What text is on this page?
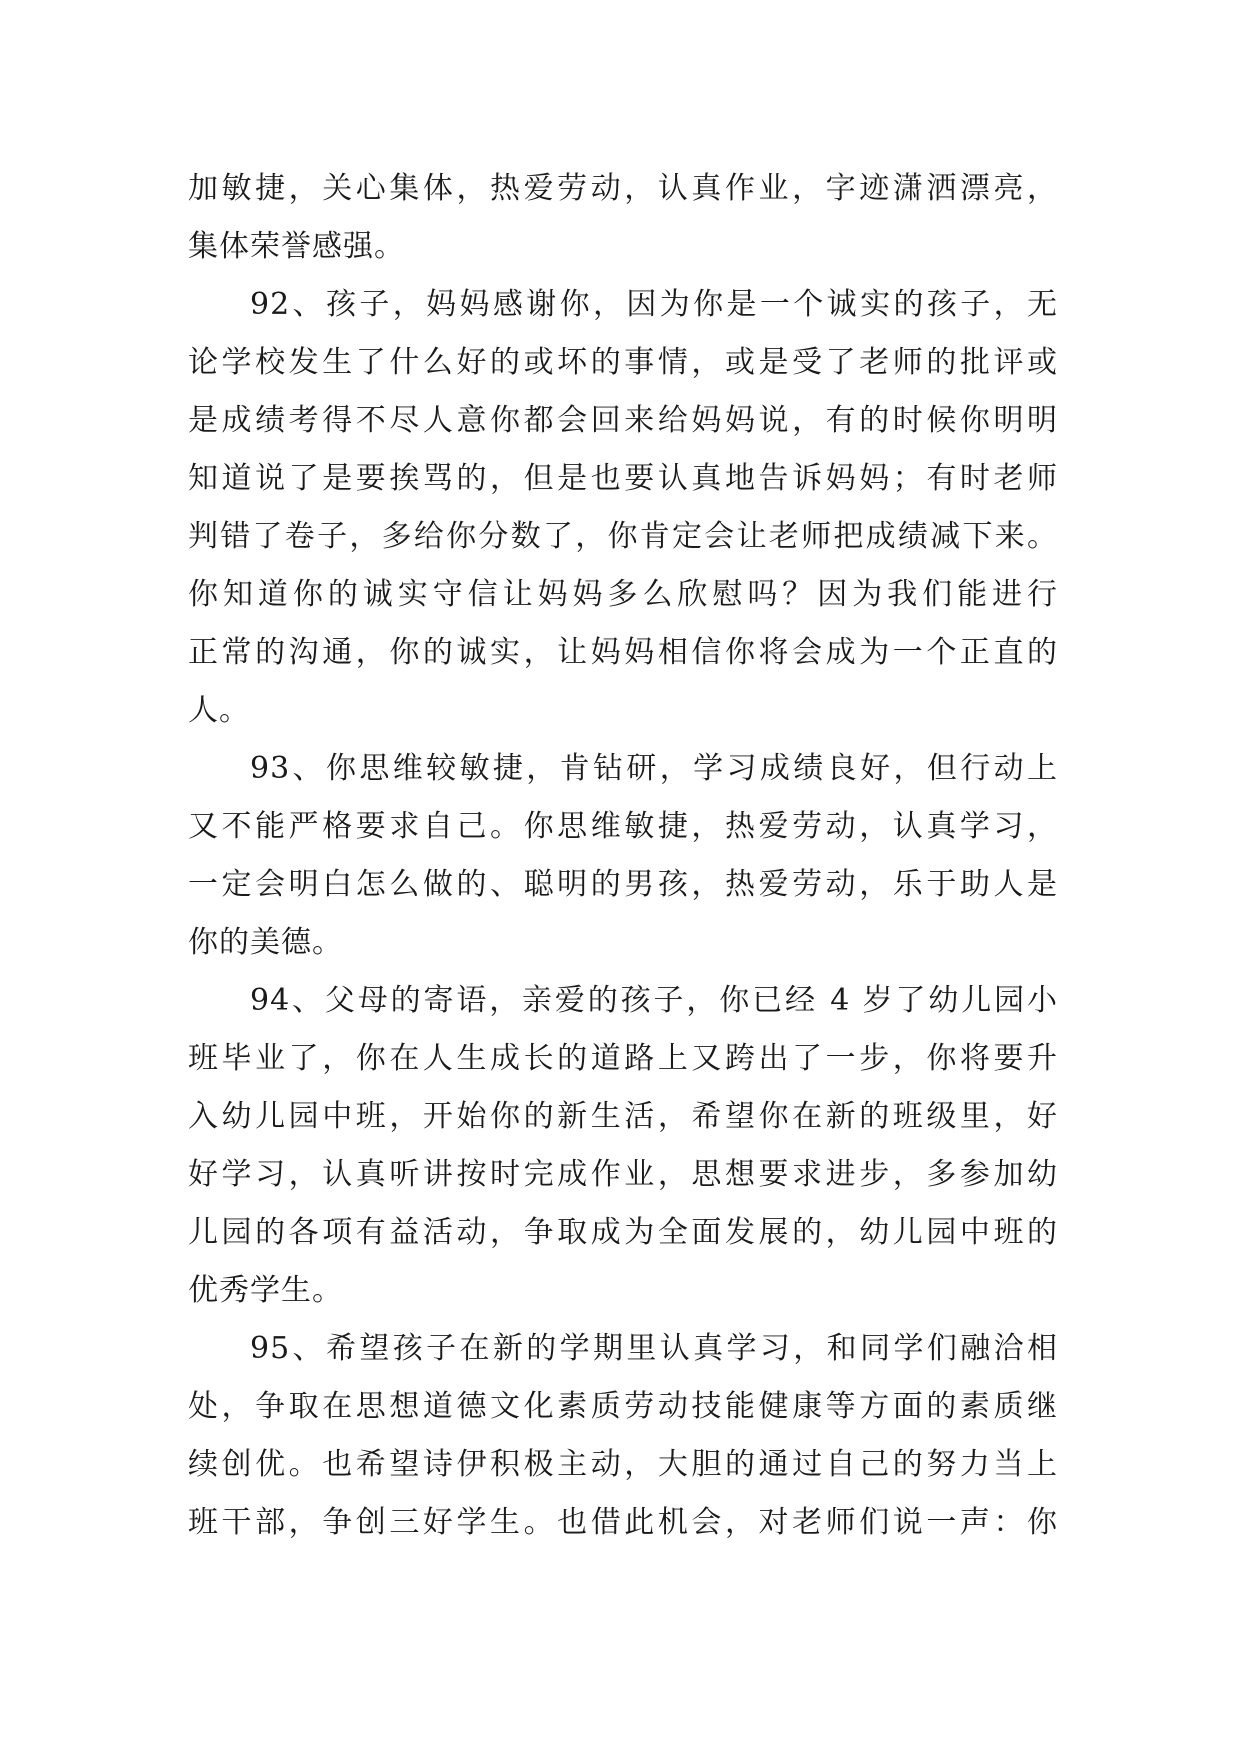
加敏捷，关心集体，热爱劳动，认真作业，字迹潇洒漂亮，
集体荣誉感强。
92、孩子，妈妈感谢你，因为你是一个诚实的孩子，无
论学校发生了什么好的或坏的事情，或是受了老师的批评或
是成绩考得不尽人意你都会回来给妈妈说，有的时候你明明
知道说了是要挨骂的，但是也要认真地告诉妈妈；有时老师
判错了卷子，多给你分数了，你肯定会让老师把成绩减下来。
你知道你的诚实守信让妈妈多么欣慰吗？因为我们能进行
正常的沟通，你的诚实，让妈妈相信你将会成为一个正直的
人。
93、你思维较敏捷，肯钻研，学习成绩良好，但行动上
又不能严格要求自己。你思维敏捷，热爱劳动，认真学习，
一定会明白怎么做的、聪明的男孩，热爱劳动，乐于助人是
你的美德。
94、父母的寄语，亲爱的孩子，你已经 4 岁了幼儿园小
班毕业了，你在人生成长的道路上又跨出了一步，你将要升
入幼儿园中班，开始你的新生活，希望你在新的班级里，好
好学习，认真听讲按时完成作业，思想要求进步，多参加幼
儿园的各项有益活动，争取成为全面发展的，幼儿园中班的
优秀学生。
95、希望孩子在新的学期里认真学习，和同学们融洽相
处，争取在思想道德文化素质劳动技能健康等方面的素质继
续创优。也希望诗伊积极主动，大胆的通过自己的努力当上
班干部，争创三好学生。也借此机会，对老师们说一声：你
